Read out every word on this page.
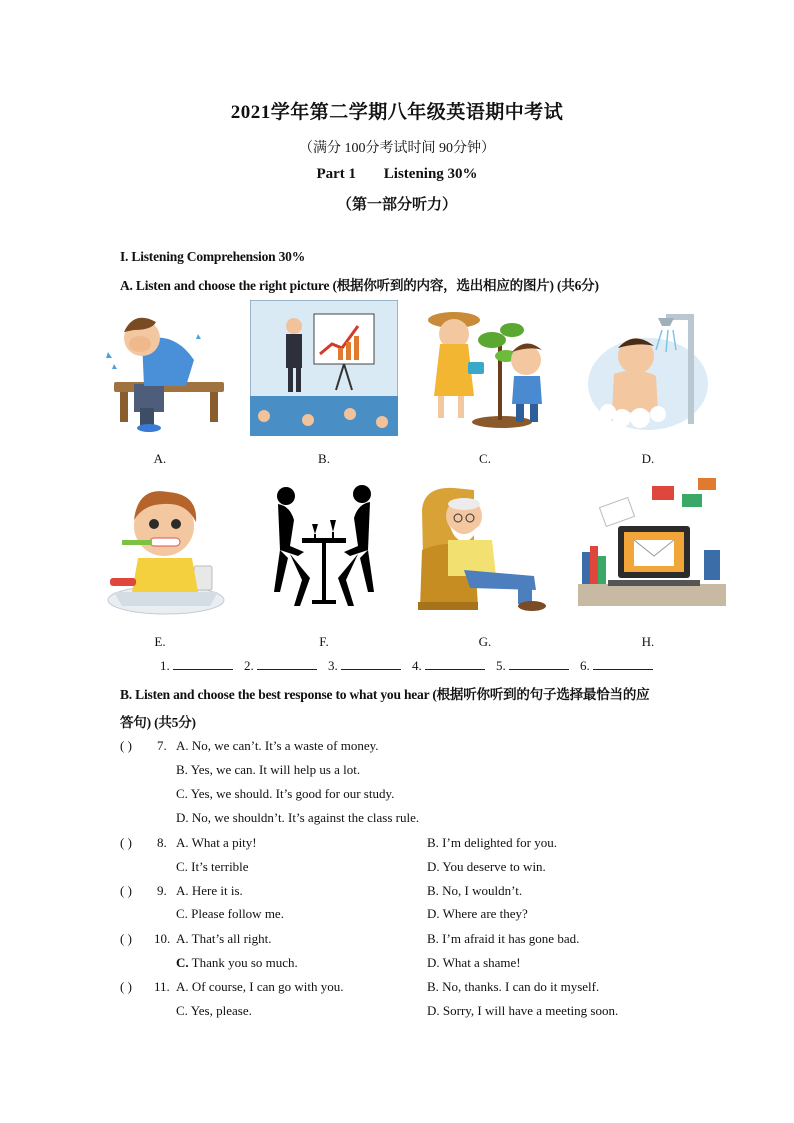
2021学年第二学期八年级英语期中考试
（满分 100分考试时间 90分钟）
Part 1 Listening 30%
（第一部分听力）
I. Listening Comprehension 30%
A. Listen and choose the right picture (根据你听到的内容，选出相应的图片) (共6分)
A.	B.	C.	D.
E.	F.	G.	H.
1.	2.	3.	4.	5.	6.
B. Listen and choose the best response to what you hear (根据听你听到的句子选择最恰当的应
答句) (共5分)
( ) 7. A. No, we can’t. It’s a waste of money.
B. Yes, we can. It will help us a lot.
C. Yes, we should. It’s good for our study.
D. No, we shouldn’t. It’s against the class rule.
( ) 8. A. What a pity!	B. I’m delighted for you.
C. It’s terrible	D. You deserve to win.
( ) 9. A. Here it is.	B. No, I wouldn’t.
C. Please follow me.	D. Where are they?
( ) 10. A. That’s all right.	B. I’m afraid it has gone bad.
C. Thank you so much.	D. What a shame!
( ) 11. A. Of course, I can go with you.	B. No, thanks. I can do it myself.
C. Yes, please.	D. Sorry, I will have a meeting soon.
